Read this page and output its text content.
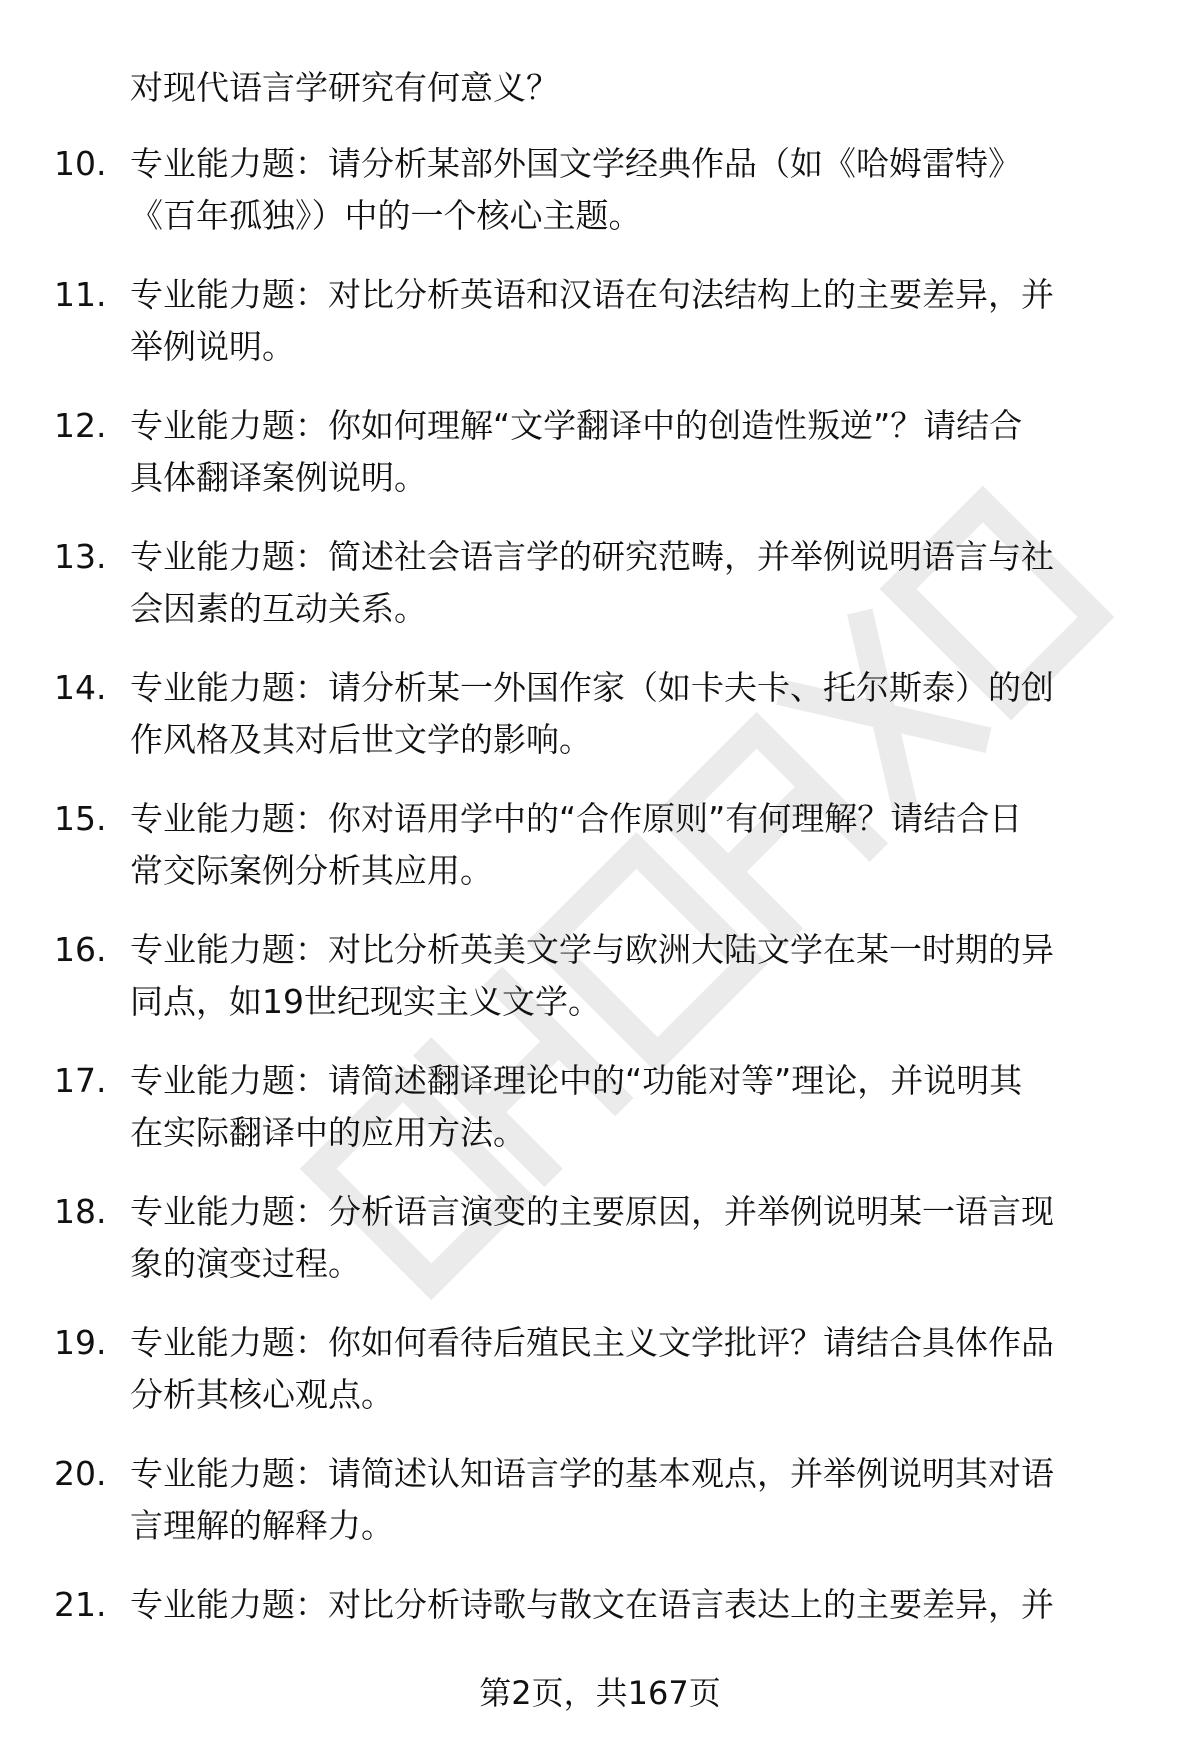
对现代语言学研究有何意义？
10. 专业能力题：请分析某部外国文学经典作品（如《哈姆雷特》
《百年孤独》）中的一个核心主题。
11. 专业能力题：对比分析英语和汉语在句法结构上的主要差异，并
举例说明。
12. 专业能力题：你如何理解“文学翻译中的创造性叛逆”？请结合
具体翻译案例说明。
13. 专业能力题：简述社会语言学的研究范畴，并举例说明语言与社
会因素的互动关系。
14. 专业能力题：请分析某一外国作家（如卡夫卡、托尔斯泰）的创
作风格及其对后世文学的影响。
15. 专业能力题：你对语用学中的“合作原则”有何理解？请结合日
常交际案例分析其应用。
16. 专业能力题：对比分析英美文学与欧洲大陆文学在某一时期的异
同点，如19世纪现实主义文学。
17. 专业能力题：请简述翻译理论中的“功能对等”理论，并说明其
在实际翻译中的应用方法。
18. 专业能力题：分析语言演变的主要原因，并举例说明某一语言现
象的演变过程。
19. 专业能力题：你如何看待后殖民主义文学批评？请结合具体作品
分析其核心观点。
20. 专业能力题：请简述认知语言学的基本观点，并举例说明其对语
言理解的解释力。
21. 专业能力题：对比分析诗歌与散文在语言表达上的主要差异，并
第2页，共167页
